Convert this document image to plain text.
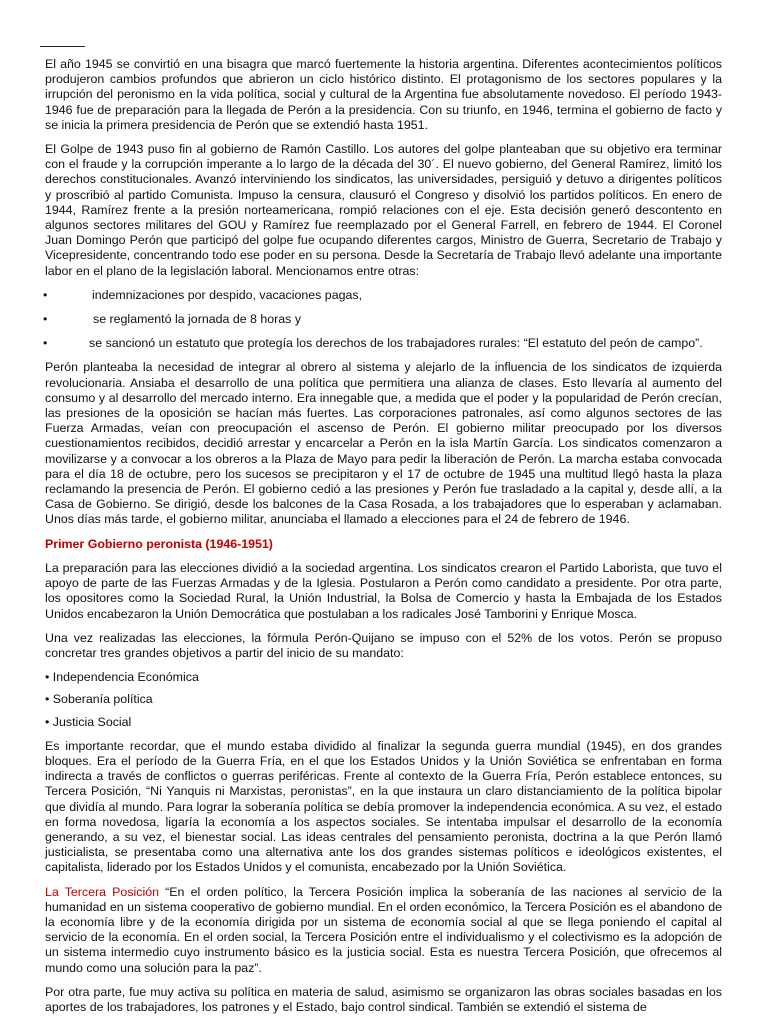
El año 1945 se convirtió en una bisagra que marcó fuertemente la historia argentina. Diferentes acontecimientos políticos produjeron cambios profundos que abrieron un ciclo histórico distinto. El protagonismo de los sectores populares y la irrupción del peronismo en la vida política, social y cultural de la Argentina fue absolutamente novedoso. El período 1943-1946 fue de preparación para la llegada de Perón a la presidencia. Con su triunfo, en 1946, termina el gobierno de facto y se inicia la primera presidencia de Perón que se extendió hasta 1951.

El Golpe de 1943 puso fin al gobierno de Ramón Castillo. Los autores del golpe planteaban que su objetivo era terminar con el fraude y la corrupción imperante a lo largo de la década del 30´. El nuevo gobierno, del General Ramírez, limitó los derechos constitucionales. Avanzó interviniendo los sindicatos, las universidades, persiguió y detuvo a dirigentes políticos y proscribió al partido Comunista. Impuso la censura, clausuró el Congreso y disolvió los partidos políticos. En enero de 1944, Ramírez frente a la presión norteamericana, rompió relaciones con el eje. Esta decisión generó descontento en algunos sectores militares del GOU y Ramírez fue reemplazado por el General Farrell, en febrero de 1944. El Coronel Juan Domingo Perón que participó del golpe fue ocupando diferentes cargos, Ministro de Guerra, Secretario de Trabajo y Vicepresidente, concentrando todo ese poder en su persona. Desde la Secretaría de Trabajo llevó adelante una importante labor en el plano de la legislación laboral. Mencionamos entre otras:

•	indemnizaciones por despido, vacaciones pagas,
•	se reglamentó la jornada de 8 horas y
•	se sancionó un estatuto que protegía los derechos de los trabajadores rurales: “El estatuto del peón de campo”.

Perón planteaba la necesidad de integrar al obrero al sistema y alejarlo de la influencia de los sindicatos de izquierda revolucionaria. Ansiaba el desarrollo de una política que permitiera una alianza de clases. Esto llevaría al aumento del consumo y al desarrollo del mercado interno. Era innegable que, a medida que el poder y la popularidad de Perón crecían, las presiones de la oposición se hacían más fuertes. Las corporaciones patronales, así como algunos sectores de las Fuerza Armadas, veían con preocupación el ascenso de Perón. El gobierno militar preocupado por los diversos cuestionamientos recibidos, decidió arrestar y encarcelar a Perón en la isla Martín García. Los sindicatos comenzaron a movilizarse y a convocar a los obreros a la Plaza de Mayo para pedir la liberación de Perón. La marcha estaba convocada para el día 18 de octubre, pero los sucesos se precipitaron y el 17 de octubre de 1945 una multitud llegó hasta la plaza reclamando la presencia de Perón. El gobierno cedió a las presiones y Perón fue trasladado a la capital y, desde allí, a la Casa de Gobierno. Se dirigió, desde los balcones de la Casa Rosada, a los trabajadores que lo esperaban y aclamaban. Unos días más tarde, el gobierno militar, anunciaba el llamado a elecciones para el 24 de febrero de 1946.

Primer Gobierno peronista (1946-1951)

La preparación para las elecciones dividió a la sociedad argentina. Los sindicatos crearon el Partido Laborista, que tuvo el apoyo de parte de las Fuerzas Armadas y de la Iglesia. Postularon a Perón como candidato a presidente. Por otra parte, los opositores como la Sociedad Rural, la Unión Industrial, la Bolsa de Comercio y hasta la Embajada de los Estados Unidos encabezaron la Unión Democrática que postulaban a los radicales José Tamborini y Enrique Mosca.

Una vez realizadas las elecciones, la fórmula Perón-Quijano se impuso con el 52% de los votos. Perón se propuso concretar tres grandes objetivos a partir del inicio de su mandato:

• Independencia Económica
• Soberanía política
• Justicia Social

Es importante recordar, que el mundo estaba dividido al finalizar la segunda guerra mundial (1945), en dos grandes bloques. Era el período de la Guerra Fría, en el que los Estados Unidos y la Unión Soviética se enfrentaban en forma indirecta a través de conflictos o guerras periféricas. Frente al contexto de la Guerra Fría, Perón establece entonces, su Tercera Posición, “Ni Yanquis ni Marxistas, peronistas”, en la que instaura un claro distanciamiento de la política bipolar que dividía al mundo. Para lograr la soberanía política se debía promover la independencia económica. A su vez, el estado en forma novedosa, ligaría la economía a los aspectos sociales. Se intentaba impulsar el desarrollo de la economía generando, a su vez, el bienestar social. Las ideas centrales del pensamiento peronista, doctrina a la que Perón llamó justicialista, se presentaba como una alternativa ante los dos grandes sistemas políticos e ideológicos existentes, el capitalista, liderado por los Estados Unidos y el comunista, encabezado por la Unión Soviética.

La Tercera Posición “En el orden político, la Tercera Posición implica la soberanía de las naciones al servicio de la humanidad en un sistema cooperativo de gobierno mundial. En el orden económico, la Tercera Posición es el abandono de la economía libre y de la economía dirigida por un sistema de economía social al que se llega poniendo el capital al servicio de la economía. En el orden social, la Tercera Posición entre el individualismo y el colectivismo es la adopción de un sistema intermedio cuyo instrumento básico es la justicia social. Esta es nuestra Tercera Posición, que ofrecemos al mundo como una solución para la paz”.

Por otra parte, fue muy activa su política en materia de salud, asimismo se organizaron las obras sociales basadas en los aportes de los trabajadores, los patrones y el Estado, bajo control sindical. También se extendió el sistema de
